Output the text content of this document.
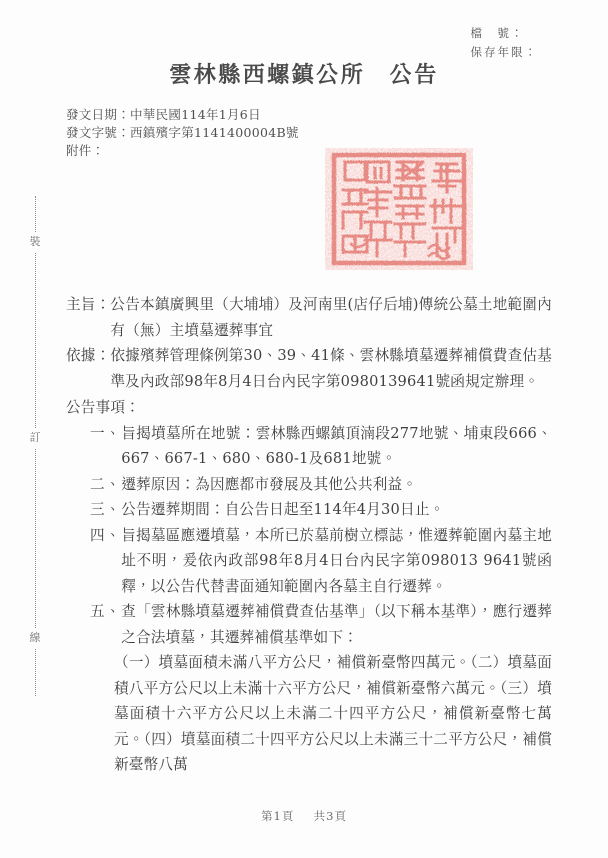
檔　號：
保存年限：
雲林縣西螺鎮公所　公告
發文日期：中華民國114年1月6日
發文字號：西鎮殯字第1141400004B號
附件：
裝
訂
線
主旨： 公告本鎮廣興里（大埔埔）及河南里(店仔后埔)傳統公墓土地範圍內有（無）主墳墓遷葬事宜
依據： 依據殯葬管理條例第30、39、41條、雲林縣墳墓遷葬補償費查估基準及內政部98年8月4日台內民字第0980139641號函規定辦理。
公告事項：
一、 旨揭墳墓所在地號：雲林縣西螺鎮頂湳段277地號、埔東段666、667、667-1、680、680-1及681地號。
二、 遷葬原因：為因應都市發展及其他公共利益。
三、 公告遷葬期間：自公告日起至114年4月30日止。
四、 旨揭墓區應遷墳墓，本所已於墓前樹立標誌，惟遷葬範圍內墓主地址不明，爰依內政部98年8月4日台內民字第098013 9641號函釋，以公告代替書面通知範圍內各墓主自行遷葬。
五、 查「雲林縣墳墓遷葬補償費查估基準」（以下稱本基準），應行遷葬之合法墳墓，其遷葬補償基準如下：
（一）墳墓面積未滿八平方公尺，補償新臺幣四萬元。（二）墳墓面積八平方公尺以上未滿十六平方公尺，補償新臺幣六萬元。（三）墳墓面積十六平方公尺以上未滿二十四平方公尺，補償新臺幣七萬元。（四）墳墓面積二十四平方公尺以上未滿三十二平方公尺，補償新臺幣八萬
第1頁 共3頁
